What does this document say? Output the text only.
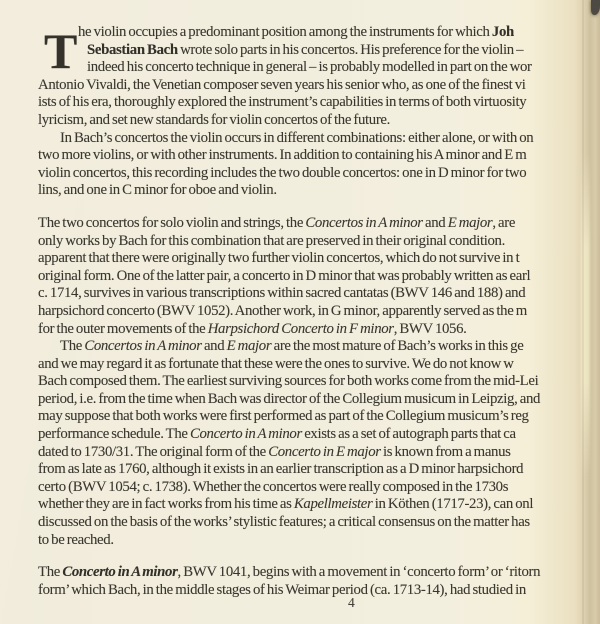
T he violin occupies a predominant position among the instruments for which Joh
Sebastian Bach wrote solo parts in his concertos. His preference for the violin –
indeed his concerto technique in general – is probably modelled in part on the wor
Antonio Vivaldi, the Venetian composer seven years his senior who, as one of the finest vi
ists of his era, thoroughly explored the instrument’s capabilities in terms of both virtuosity
lyricism, and set new standards for violin concertos of the future.
In Bach’s concertos the violin occurs in different combinations: either alone, or with on
two more violins, or with other instruments. In addition to containing his A minor and E m
violin concertos, this recording includes the two double concertos: one in D minor for two
lins, and one in C minor for oboe and violin.
The two concertos for solo violin and strings, the Concertos in A minor and E major, are
only works by Bach for this combination that are preserved in their original condition.
apparent that there were originally two further violin concertos, which do not survive in t
original form. One of the latter pair, a concerto in D minor that was probably written as earl
c. 1714, survives in various transcriptions within sacred cantatas (BWV 146 and 188) and
harpsichord concerto (BWV 1052). Another work, in G minor, apparently served as the m
for the outer movements of the Harpsichord Concerto in F minor, BWV 1056.
The Concertos in A minor and E major are the most mature of Bach’s works in this ge
and we may regard it as fortunate that these were the ones to survive. We do not know w
Bach composed them. The earliest surviving sources for both works come from the mid-Lei
period, i.e. from the time when Bach was director of the Collegium musicum in Leipzig, and
may suppose that both works were first performed as part of the Collegium musicum’s reg
performance schedule. The Concerto in A minor exists as a set of autograph parts that ca
dated to 1730/31. The original form of the Concerto in E major is known from a manus
from as late as 1760, although it exists in an earlier transcription as a D minor harpsichord
certo (BWV 1054; c. 1738). Whether the concertos were really composed in the 1730s
whether they are in fact works from his time as Kapellmeister in Köthen (1717-23), can onl
discussed on the basis of the works’ stylistic features; a critical consensus on the matter has
to be reached.
The Concerto in A minor, BWV 1041, begins with a movement in ‘concerto form’ or ‘ritorn
form’ which Bach, in the middle stages of his Weimar period (ca. 1713-14), had studied in
4
